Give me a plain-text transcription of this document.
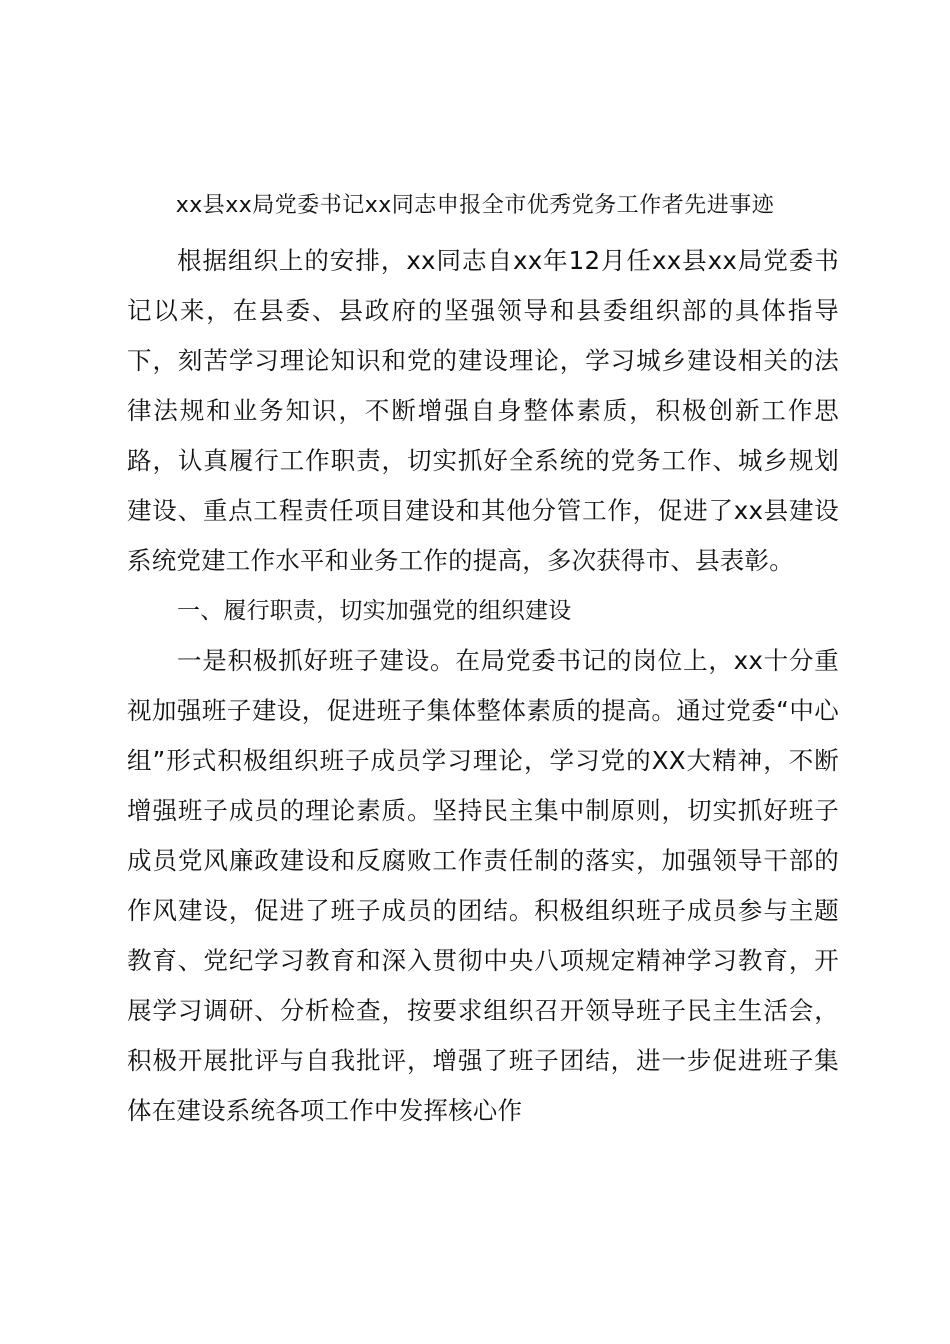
xx县xx局党委书记xx同志申报全市优秀党务工作者先进事迹

根据组织上的安排，xx同志自xx年12月任xx县xx局党委书记以来，在县委、县政府的坚强领导和县委组织部的具体指导下，刻苦学习理论知识和党的建设理论，学习城乡建设相关的法律法规和业务知识，不断增强自身整体素质，积极创新工作思路，认真履行工作职责，切实抓好全系统的党务工作、城乡规划建设、重点工程责任项目建设和其他分管工作，促进了xx县建设系统党建工作水平和业务工作的提高，多次获得市、县表彰。

一、履行职责，切实加强党的组织建设

一是积极抓好班子建设。在局党委书记的岗位上，xx十分重视加强班子建设，促进班子集体整体素质的提高。通过党委“中心组”形式积极组织班子成员学习理论，学习党的XX大精神，不断增强班子成员的理论素质。坚持民主集中制原则，切实抓好班子成员党风廉政建设和反腐败工作责任制的落实，加强领导干部的作风建设，促进了班子成员的团结。积极组织班子成员参与主题教育、党纪学习教育和深入贯彻中央八项规定精神学习教育，开展学习调研、分析检查，按要求组织召开领导班子民主生活会，积极开展批评与自我批评，增强了班子团结，进一步促进班子集体在建设系统各项工作中发挥核心作
